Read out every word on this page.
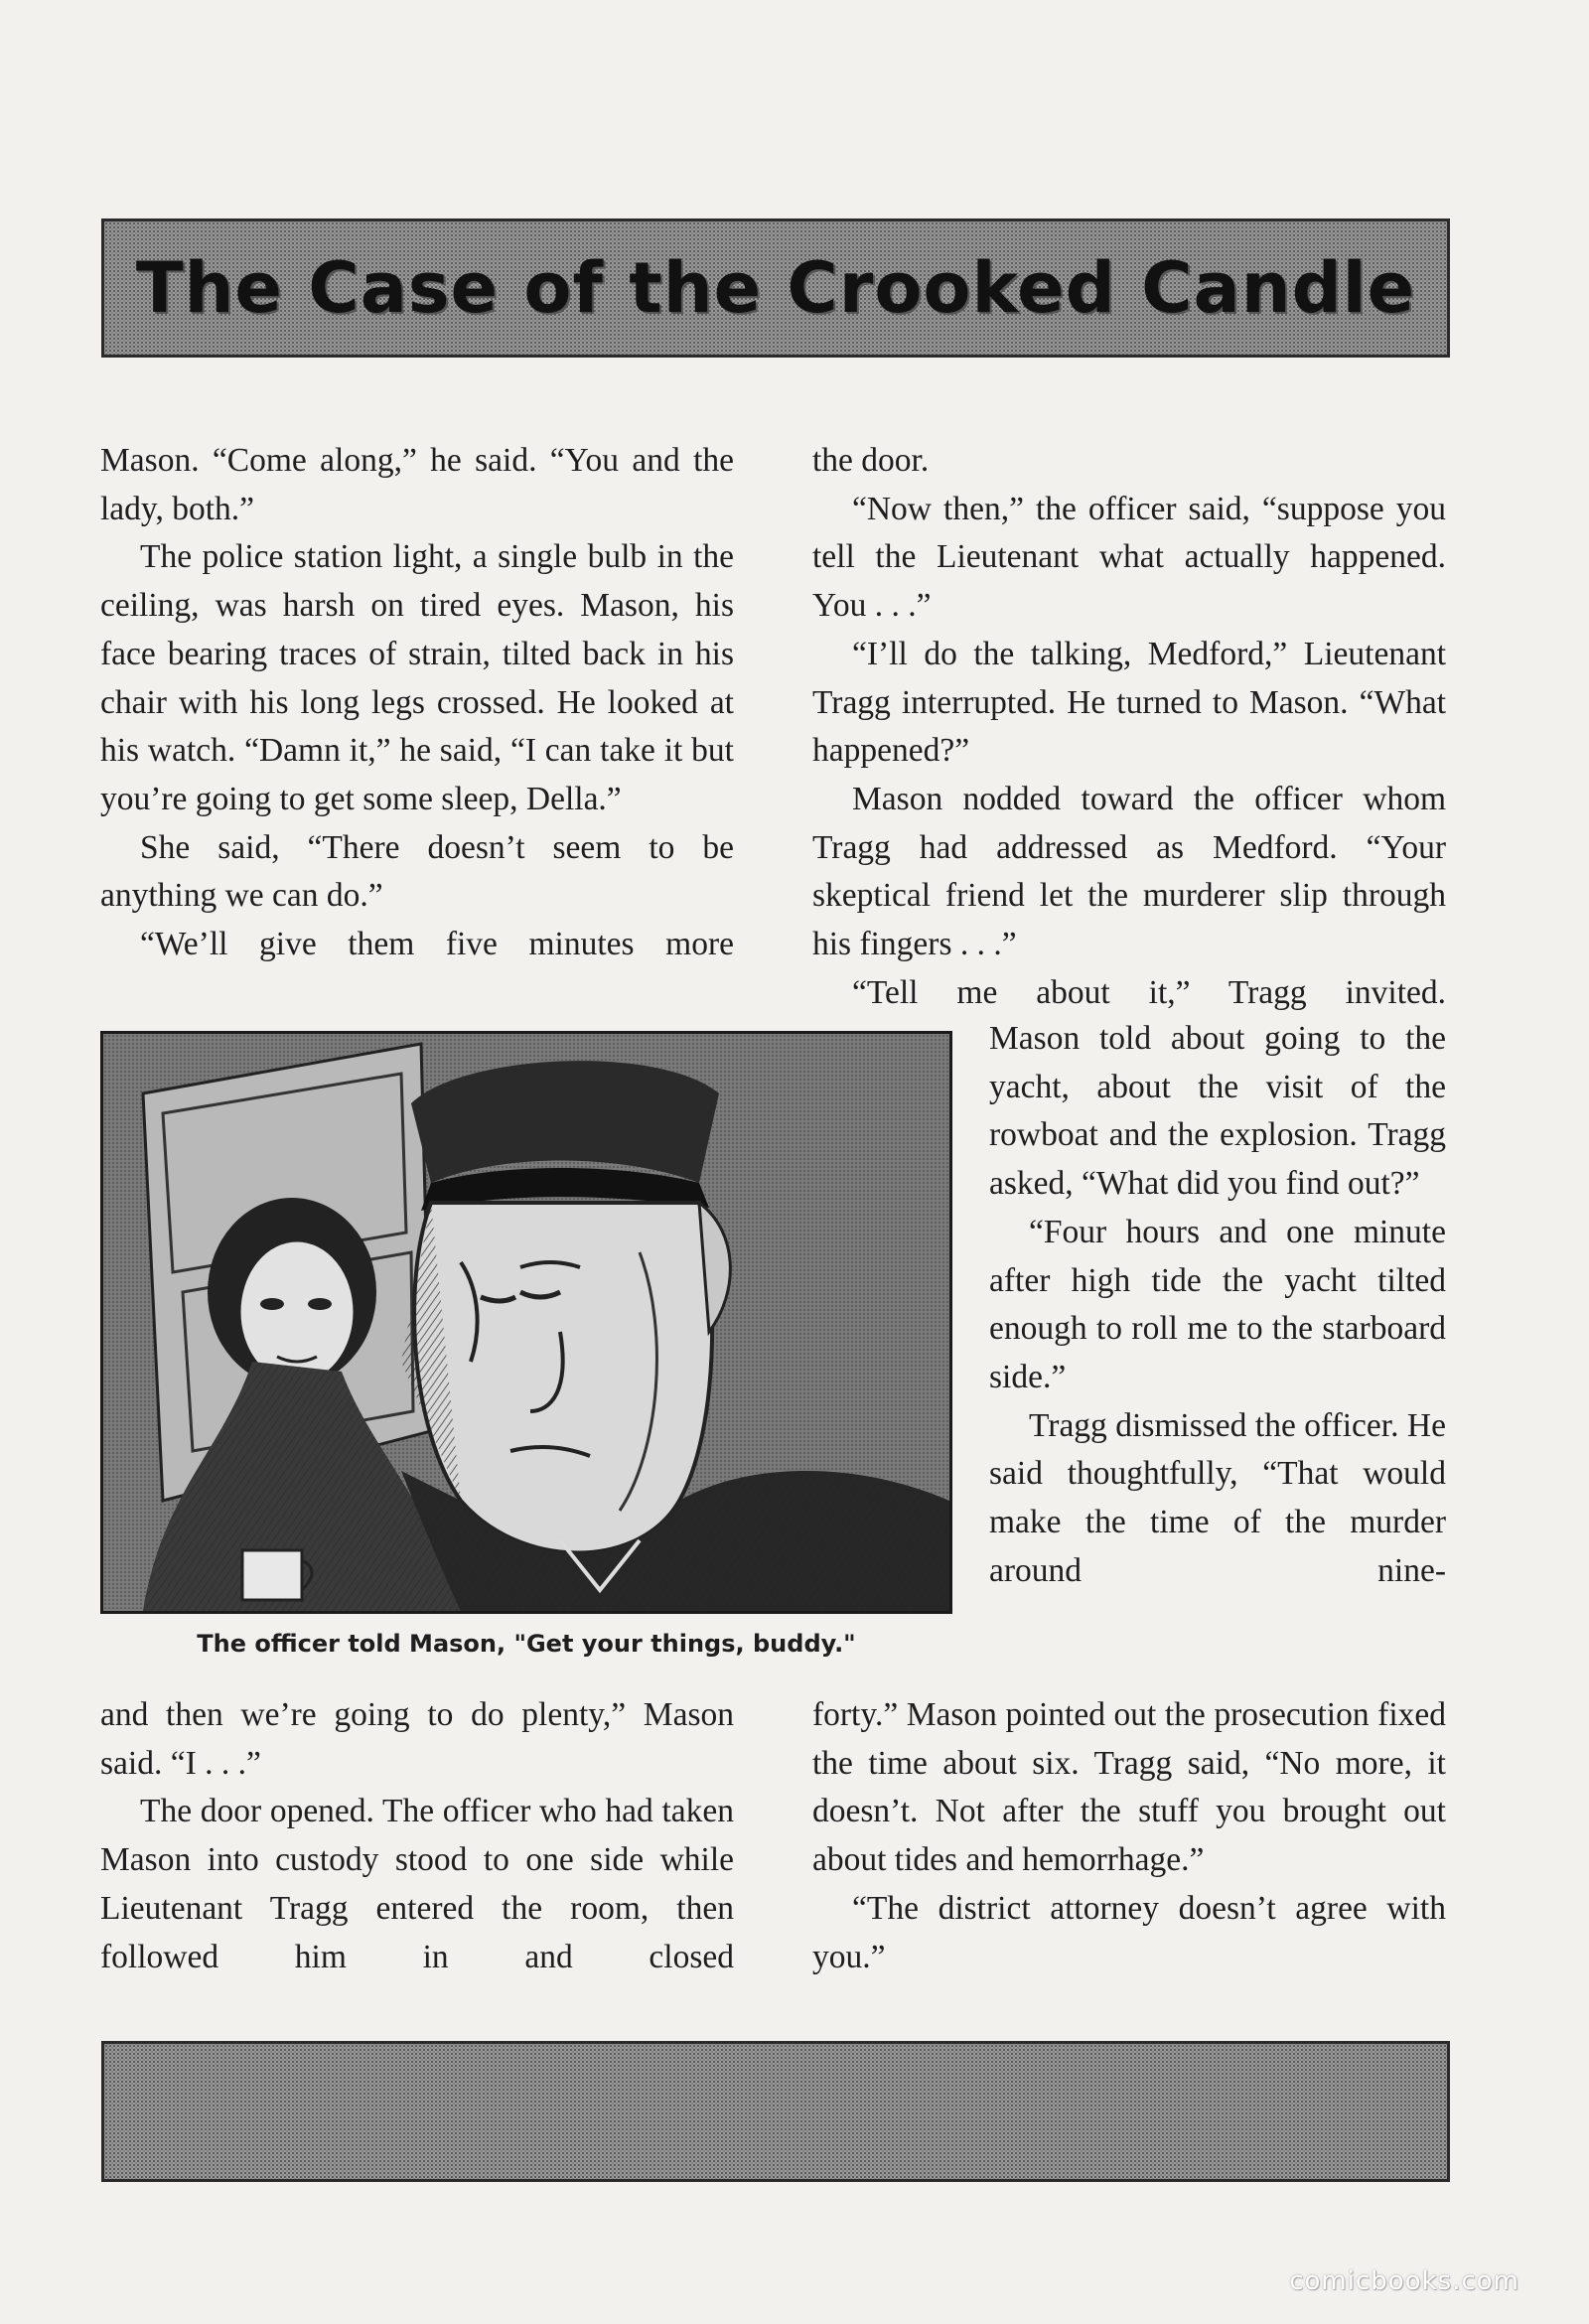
The Case of the Crooked Candle

Mason. “Come along,” he said. “You and the lady, both.”

The police station light, a single bulb in the ceiling, was harsh on tired eyes. Mason, his face bearing traces of strain, tilted back in his chair with his long legs crossed. He looked at his watch. “Damn it,” he said, “I can take it but you’re going to get some sleep, Della.”

She said, “There doesn’t seem to be anything we can do.”

“We’ll give them five minutes more

The officer told Mason, "Get your things, buddy."

and then we’re going to do plenty,” Mason said. “I . . .”

The door opened. The officer who had taken Mason into custody stood to one side while Lieutenant Tragg entered the room, then followed him in and closed

the door.

“Now then,” the officer said, “suppose you tell the Lieutenant what actually happened. You . . .”

“I’ll do the talking, Medford,” Lieutenant Tragg interrupted. He turned to Mason. “What happened?”

Mason nodded toward the officer whom Tragg had addressed as Medford. “Your skeptical friend let the murderer slip through his fingers . . .”

“Tell me about it,” Tragg invited.

Mason told about going to the yacht, about the visit of the rowboat and the explosion. Tragg asked, “What did you find out?”

“Four hours and one minute after high tide the yacht tilted enough to roll me to the starboard side.”

Tragg dismissed the officer. He said thoughtfully, “That would make the time of the murder around nine-

forty.” Mason pointed out the prosecution fixed the time about six. Tragg said, “No more, it doesn’t. Not after the stuff you brought out about tides and hemorrhage.”

“The district attorney doesn’t agree with you.”

comicbooks.com
